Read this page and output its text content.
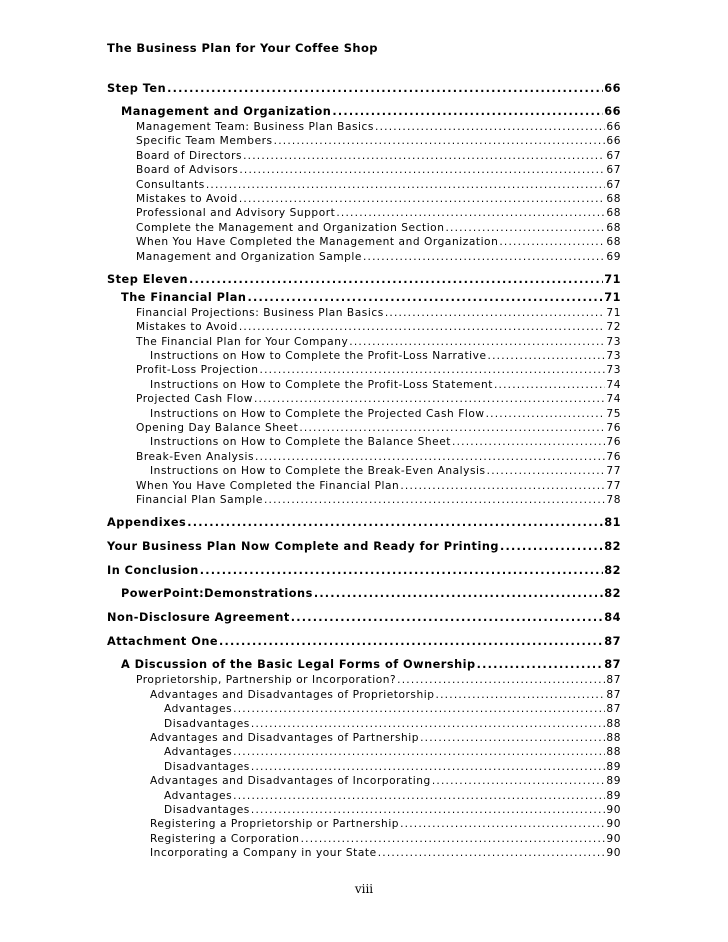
The Business Plan for Your Coffee Shop
Step Ten .....	66
Management and Organization .....	66
Management Team: Business Plan Basics .....	66
Specific Team Members .....	66
Board of Directors .....	67
Board of Advisors .....	67
Consultants .....	67
Mistakes to Avoid .....	68
Professional and Advisory Support .....	68
Complete the Management and Organization Section .....	68
When You Have Completed the Management and Organization .....	68
Management and Organization Sample .....	69
Step Eleven .....	71
The Financial Plan .....	71
Financial Projections: Business Plan Basics .....	71
Mistakes to Avoid .....	72
The Financial Plan for Your Company .....	73
Instructions on How to Complete the Profit-Loss Narrative .....	73
Profit-Loss Projection .....	73
Instructions on How to Complete the Profit-Loss Statement .....	74
Projected Cash Flow .....	74
Instructions on How to Complete the Projected Cash Flow .....	75
Opening Day Balance Sheet .....	76
Instructions on How to Complete the Balance Sheet .....	76
Break-Even Analysis .....	76
Instructions on How to Complete the Break-Even Analysis .....	77
When You Have Completed the Financial Plan .....	77
Financial Plan Sample .....	78
Appendixes .....	81
Your Business Plan Now Complete and Ready for Printing .....	82
In Conclusion .....	82
PowerPoint:Demonstrations .....	82
Non-Disclosure Agreement .....	84
Attachment One .....	87
A Discussion of the Basic Legal Forms of Ownership .....	87
Proprietorship, Partnership or Incorporation? .....	87
Advantages and Disadvantages of Proprietorship .....	87
Advantages .....	87
Disadvantages .....	88
Advantages and Disadvantages of Partnership .....	88
Advantages .....	88
Disadvantages .....	89
Advantages and Disadvantages of Incorporating .....	89
Advantages .....	89
Disadvantages .....	90
Registering a Proprietorship or Partnership .....	90
Registering a Corporation .....	90
Incorporating a Company in your State .....	90
viii
